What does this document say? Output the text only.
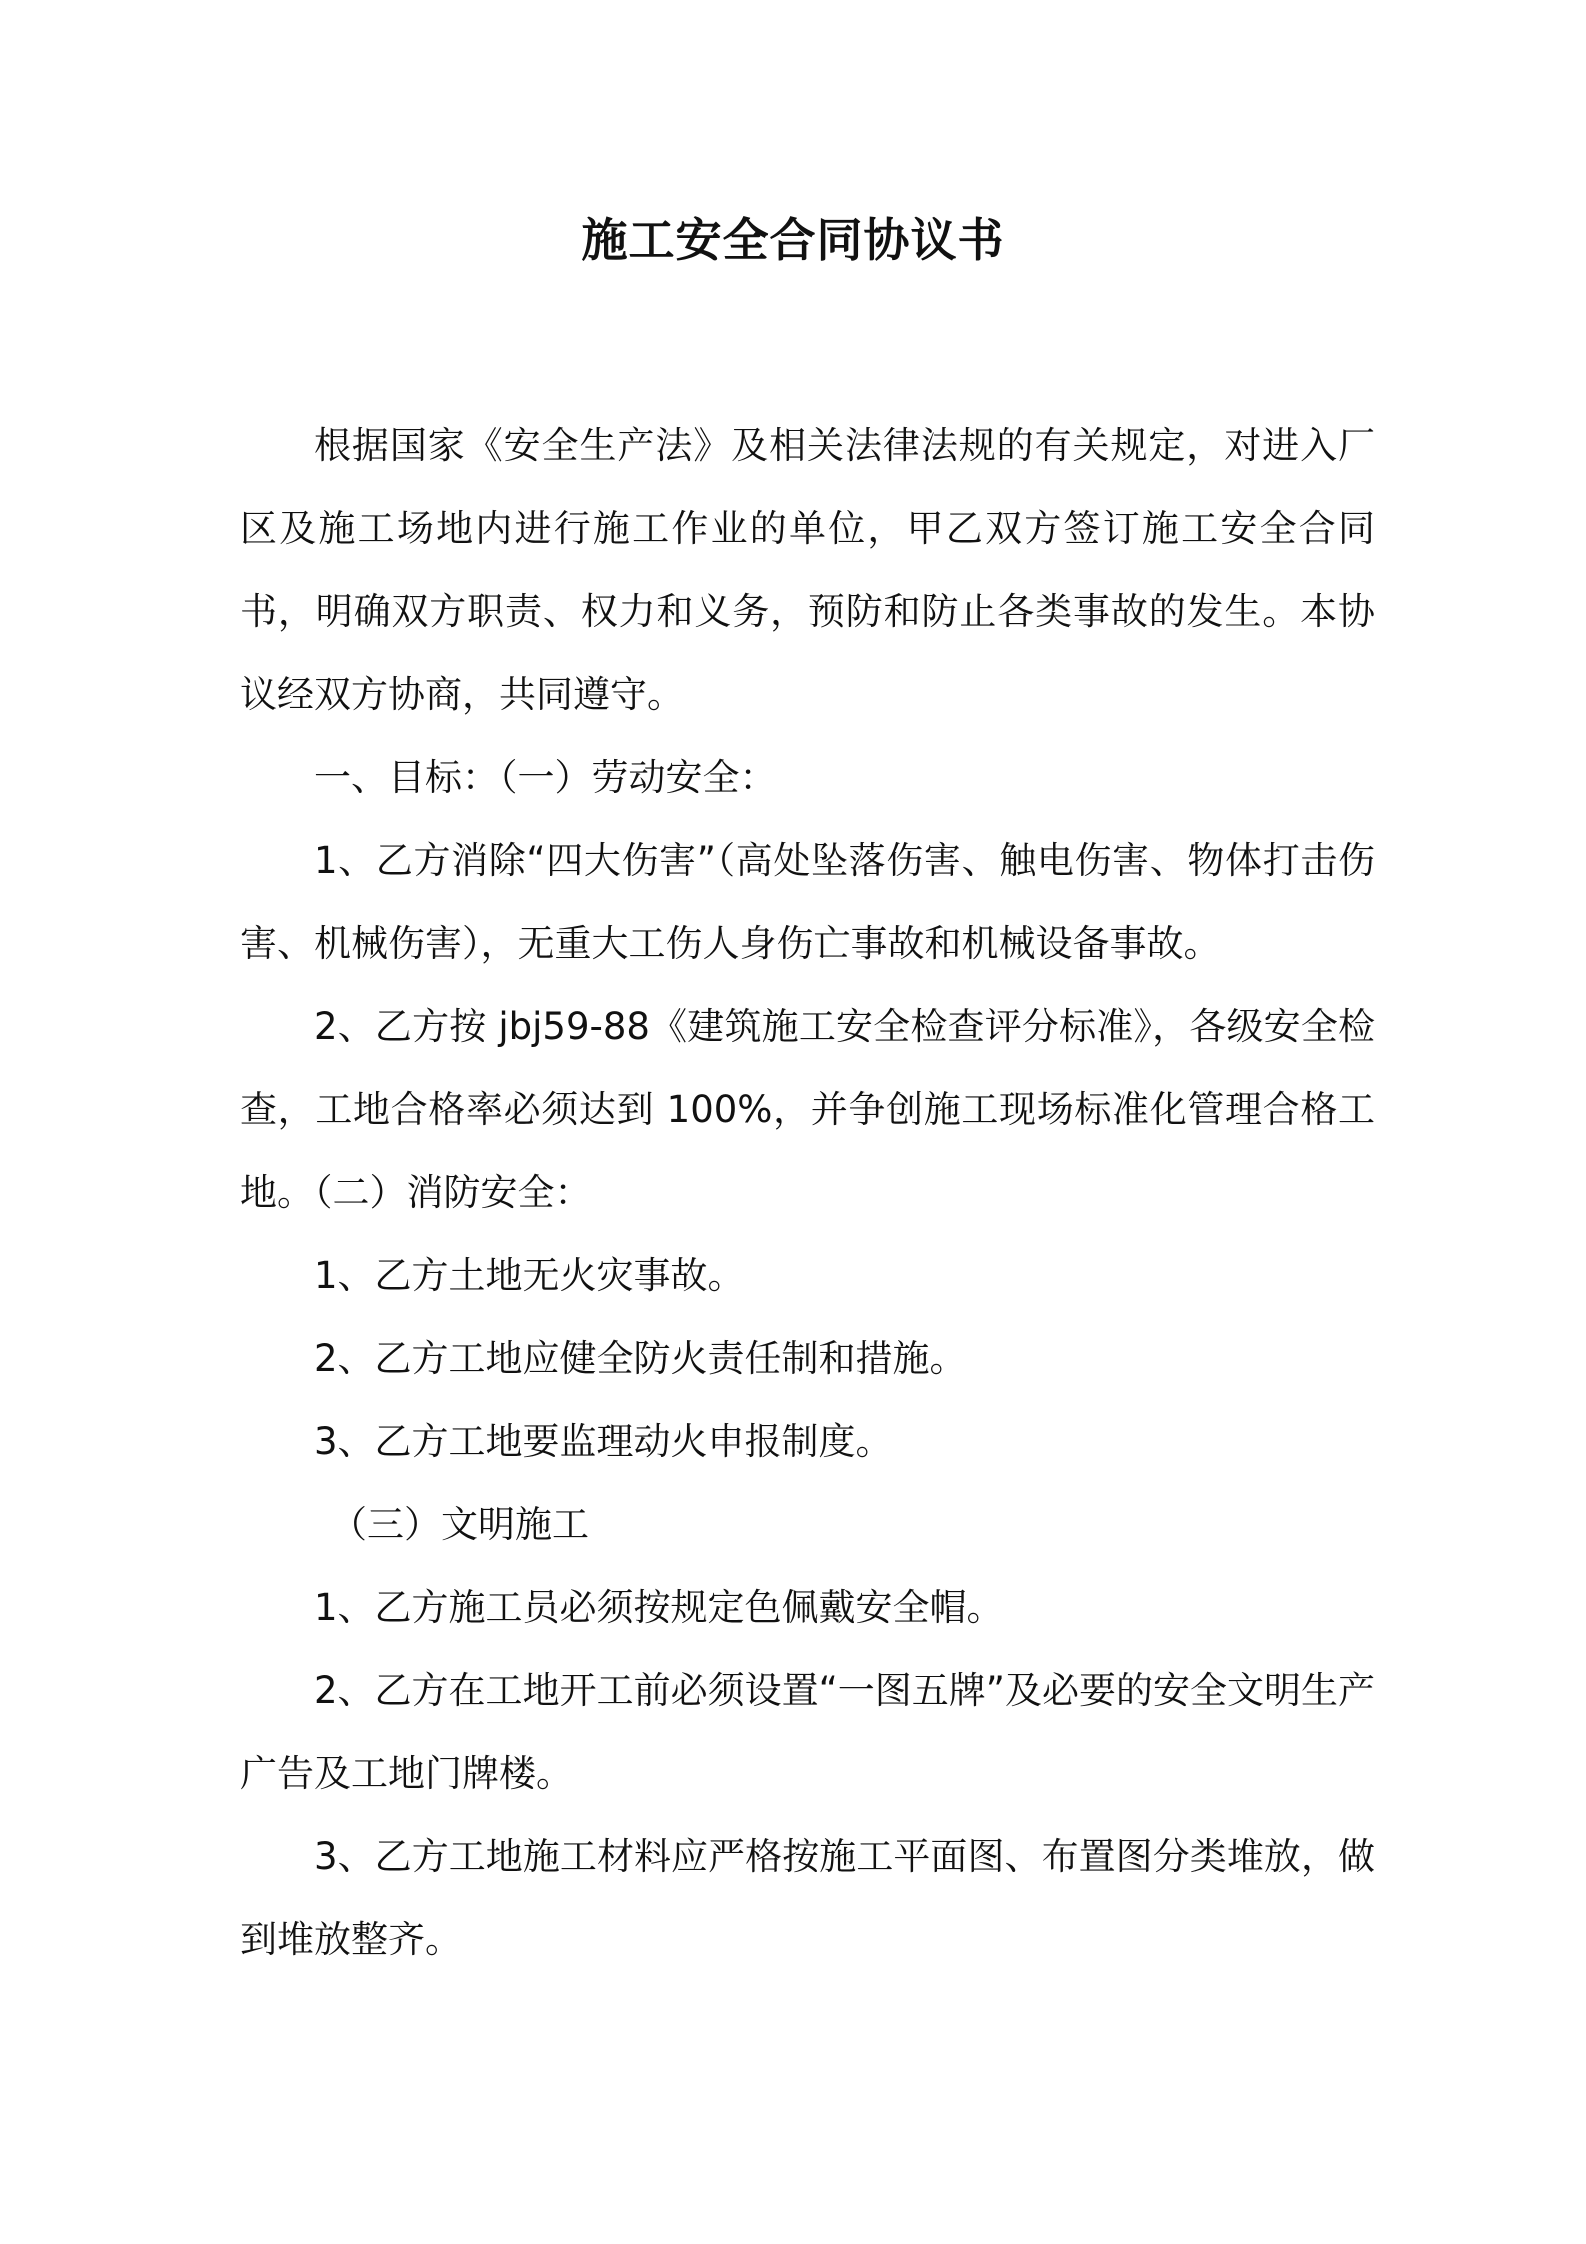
施工安全合同协议书

根据国家《安全生产法》及相关法律法规的有关规定，对进入厂区及施工场地内进行施工作业的单位，甲乙双方签订施工安全合同书，明确双方职责、权力和义务，预防和防止各类事故的发生。本协议经双方协商，共同遵守。

一、目标：（一）劳动安全：

1、乙方消除“四大伤害”（高处坠落伤害、触电伤害、物体打击伤害、机械伤害），无重大工伤人身伤亡事故和机械设备事故。

2、乙方按 jbj59-88《建筑施工安全检查评分标准》，各级安全检查，工地合格率必须达到 100%，并争创施工现场标准化管理合格工地。（二）消防安全：

1、乙方土地无火灾事故。

2、乙方工地应健全防火责任制和措施。

3、乙方工地要监理动火申报制度。

（三）文明施工

1、乙方施工员必须按规定色佩戴安全帽。

2、乙方在工地开工前必须设置“一图五牌”及必要的安全文明生产广告及工地门牌楼。

3、乙方工地施工材料应严格按施工平面图、布置图分类堆放，做到堆放整齐。
